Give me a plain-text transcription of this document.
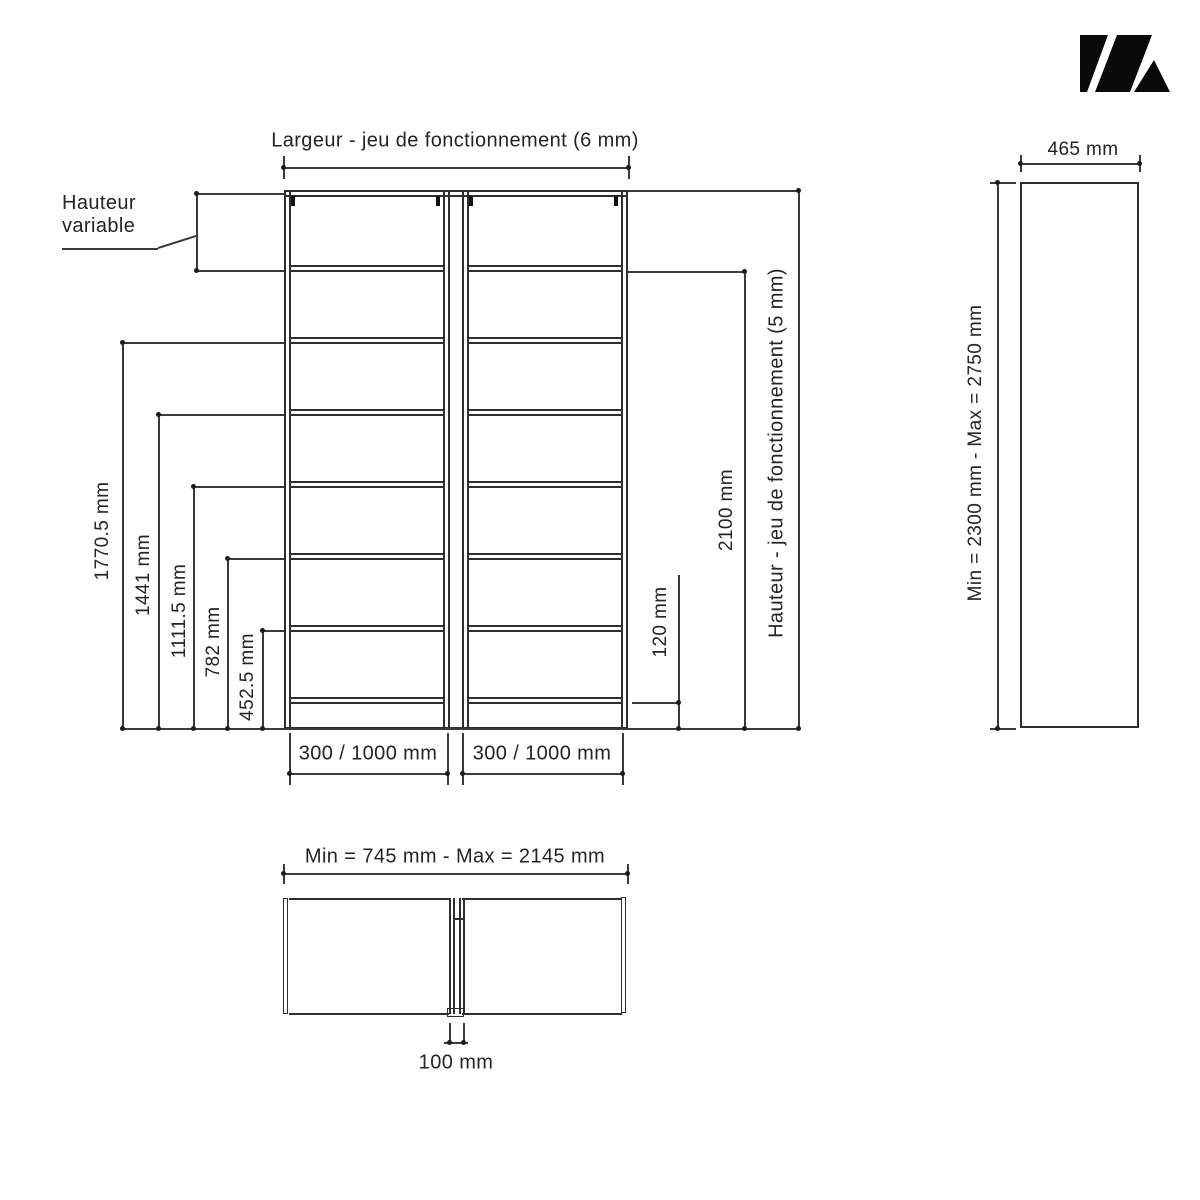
Largeur - jeu de fonctionnement (6 mm)
Hauteur
variable
1770.5 mm 1441 mm 1111.5 mm 782 mm 452.5 mm
2100 mm
120 mm	Hauteur - jeu de fonctionnement (5 mm)
300 / 1000 mm 300 / 1000 mm
465 mm
Min = 2300 mm - Max = 2750 mm
Min = 745 mm - Max = 2145 mm
100 mm
